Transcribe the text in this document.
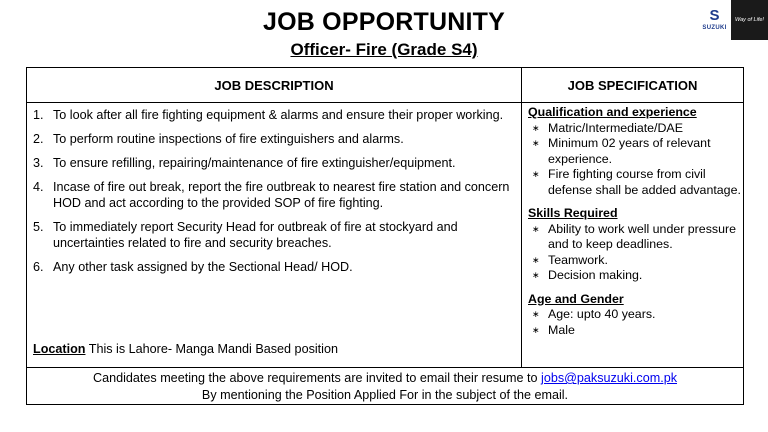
JOB OPPORTUNITY
Officer- Fire (Grade S4)
S
SUZUKI
Way of Life!
JOB DESCRIPTION	JOB SPECIFICATION
1. To look after all fire fighting equipment & alarms and ensure their proper working.
2. To perform routine inspections of fire extinguishers and alarms.
3. To ensure refilling, repairing/maintenance of fire extinguisher/equipment.
4. Incase of fire out break, report the fire outbreak to nearest fire station and concern HOD and act according to the provided SOP of fire fighting.
5. To immediately report Security Head for outbreak of fire at stockyard and uncertainties related to fire and security breaches.
6. Any other task assigned by the Sectional Head/ HOD.
Location This is Lahore- Manga Mandi Based position
Qualification and experience
∗ Matric/Intermediate/DAE
∗ Minimum 02 years of relevant experience.
∗ Fire fighting course from civil defense shall be added advantage.
Skills Required
∗ Ability to work well under pressure and to keep deadlines.
∗ Teamwork.
∗ Decision making.
Age and Gender
∗ Age: upto 40 years.
∗ Male
Candidates meeting the above requirements are invited to email their resume to jobs@paksuzuki.com.pk
By mentioning the Position Applied For in the subject of the email.
